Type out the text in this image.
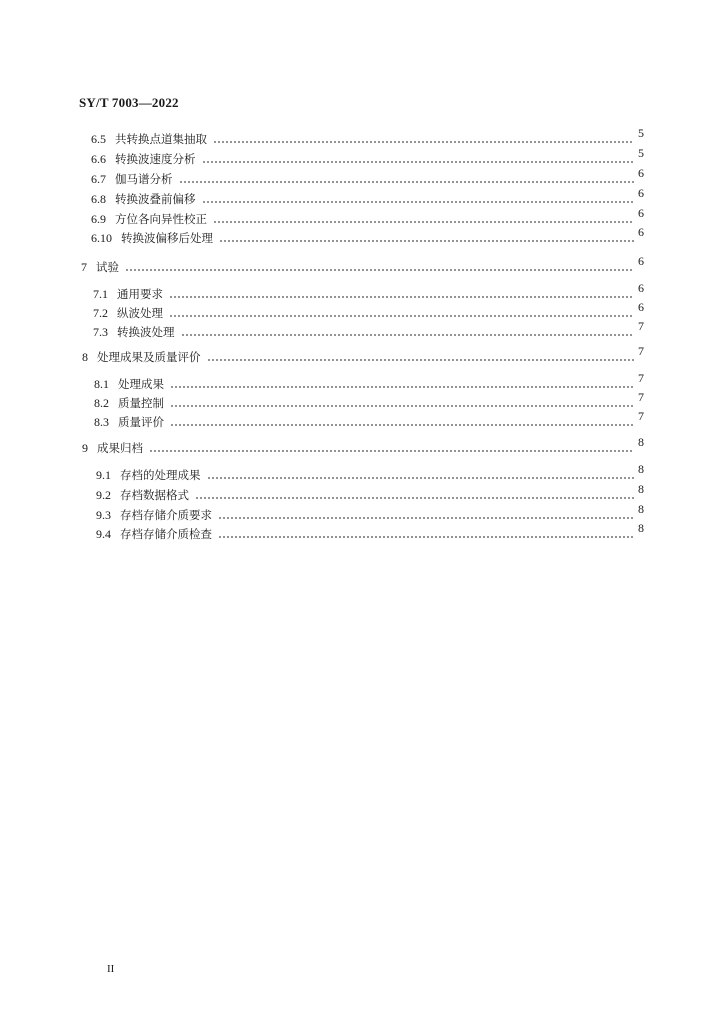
SY/T 7003—2022
6.5 共转换点道集抽取	5
6.6 转换波速度分析	5
6.7 伽马谱分析	6
6.8 转换波叠前偏移	6
6.9 方位各向异性校正	6
6.10 转换波偏移后处理	6
7 试验	6
7.1 通用要求	6
7.2 纵波处理	6
7.3 转换波处理	7
8 处理成果及质量评价	7
8.1 处理成果	7
8.2 质量控制	7
8.3 质量评价	7
9 成果归档	8
9.1 存档的处理成果	8
9.2 存档数据格式	8
9.3 存档存储介质要求	8
9.4 存档存储介质检查	8
II
